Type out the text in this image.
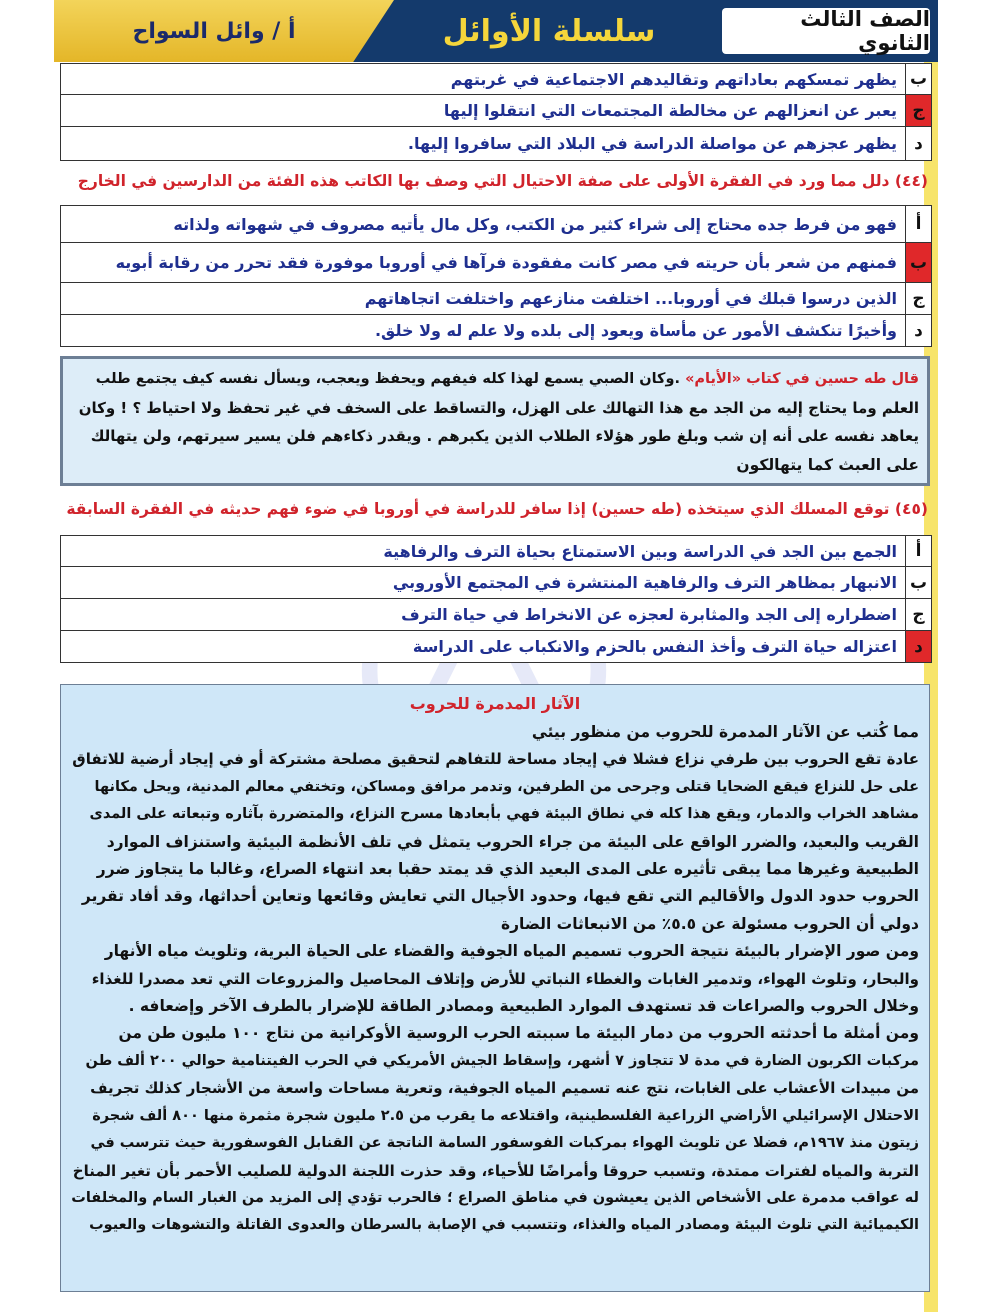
أ / وائل السواح	سلسلة الأوائل	الصف الثالث الثانوي
ب
يظهر تمسكهم بعاداتهم وتقاليدهم الاجتماعية في غربتهم
ج
يعبر عن انعزالهم عن مخالطة المجتمعات التي انتقلوا إليها
د
يظهر عجزهم عن مواصلة الدراسة في البلاد التي سافروا إليها.
(٤٤) دلل مما ورد في الفقرة الأولى على صفة الاحتيال التي وصف بها الكاتب هذه الفئة من الدارسين في الخارج
أ
فهو من فرط جده محتاج إلى شراء كثير من الكتب، وكل مال يأتيه مصروف في شهواته ولذاته
ب
فمنهم من شعر بأن حريته في مصر كانت مفقودة فرآها في أوروبا موفورة فقد تحرر من رقابة أبويه
ج
الذين درسوا قبلك في أوروبا... اختلفت منازعهم واختلفت اتجاهاتهم
د
وأخيرًا تنكشف الأمور عن مأساة ويعود إلى بلده ولا علم له ولا خلق.
قال طه حسين في كتاب «الأيام» .وكان الصبي يسمع لهذا كله فيفهم ويحفظ ويعجب، ويسأل نفسه كيف يجتمع طلب
العلم وما يحتاج إليه من الجد مع هذا التهالك على الهزل، والتساقط على السخف في غير تحفظ ولا احتياط ؟ ! وكان
يعاهد نفسه على أنه إن شب وبلغ طور هؤلاء الطلاب الذين يكبرهم . ويقدر ذكاءهم فلن يسير سيرتهم، ولن يتهالك
على العبث كما يتهالكون
(٤٥) توقع المسلك الذي سيتخذه (طه حسين) إذا سافر للدراسة في أوروبا في ضوء فهم حديثه في الفقرة السابقة
أ
الجمع بين الجد في الدراسة وبين الاستمتاع بحياة الترف والرفاهية
ب
الانبهار بمظاهر الترف والرفاهية المنتشرة في المجتمع الأوروبي
ج
اضطراره إلى الجد والمثابرة لعجزه عن الانخراط في حياة الترف
د
اعتزاله حياة الترف وأخذ النفس بالحزم والانكباب على الدراسة
الآثار المدمرة للحروب
مما كُتب عن الآثار المدمرة للحروب من منظور بيئي
عادة تقع الحروب بين طرفي نزاع فشلا في إيجاد مساحة للتفاهم لتحقيق مصلحة مشتركة أو في إيجاد أرضية للاتفاق
على حل للنزاع فيقع الضحايا قتلى وجرحى من الطرفين، وتدمر مرافق ومساكن، وتختفي معالم المدنية، ويحل مكانها
مشاهد الخراب والدمار، ويقع هذا كله في نطاق البيئة فهي بأبعادها مسرح النزاع، والمتضررة بآثاره وتبعاته على المدى
القريب والبعيد، والضرر الواقع على البيئة من جراء الحروب يتمثل في تلف الأنظمة البيئية واستنزاف الموارد
الطبيعية وغيرها مما يبقى تأثيره على المدى البعيد الذي قد يمتد حقبا بعد انتهاء الصراع، وغالبا ما يتجاوز ضرر
الحروب حدود الدول والأقاليم التي تقع فيها، وحدود الأجيال التي تعايش وقائعها وتعاين أحداثها، وقد أفاد تقرير
دولي أن الحروب مسئولة عن ٥.٥٪ من الانبعاثات الضارة
ومن صور الإضرار بالبيئة نتيجة الحروب تسميم المياه الجوفية والقضاء على الحياة البرية، وتلويث مياه الأنهار
والبحار، وتلوث الهواء، وتدمير الغابات والغطاء النباتي للأرض وإتلاف المحاصيل والمزروعات التي تعد مصدرا للغذاء
وخلال الحروب والصراعات قد تستهدف الموارد الطبيعية ومصادر الطاقة للإضرار بالطرف الآخر وإضعافه .
ومن أمثلة ما أحدثته الحروب من دمار البيئة ما سببته الحرب الروسية الأوكرانية من نتاج ١٠٠ مليون طن من
مركبات الكربون الضارة في مدة لا تتجاوز ٧ أشهر، وإسقاط الجيش الأمريكي في الحرب الفيتنامية حوالي ٢٠٠ ألف طن
من مبيدات الأعشاب على الغابات، نتج عنه تسميم المياه الجوفية، وتعرية مساحات واسعة من الأشجار كذلك تجريف
الاحتلال الإسرائيلي الأراضي الزراعية الفلسطينية، واقتلاعه ما يقرب من ٢.٥ مليون شجرة مثمرة منها ٨٠٠ ألف شجرة
زيتون منذ ١٩٦٧م، فضلا عن تلويث الهواء بمركبات الفوسفور السامة الناتجة عن القنابل الفوسفورية حيث تترسب في
التربة والمياه لفترات ممتدة، وتسبب حروقا وأمراضًا للأحياء، وقد حذرت اللجنة الدولية للصليب الأحمر بأن تغير المناخ
له عواقب مدمرة على الأشخاص الذين يعيشون في مناطق الصراع ؛ فالحرب تؤدي إلى المزيد من الغبار السام والمخلفات
الكيميائية التي تلوث البيئة ومصادر المياه والغذاء، وتتسبب في الإصابة بالسرطان والعدوى القاتلة والتشوهات والعيوب
